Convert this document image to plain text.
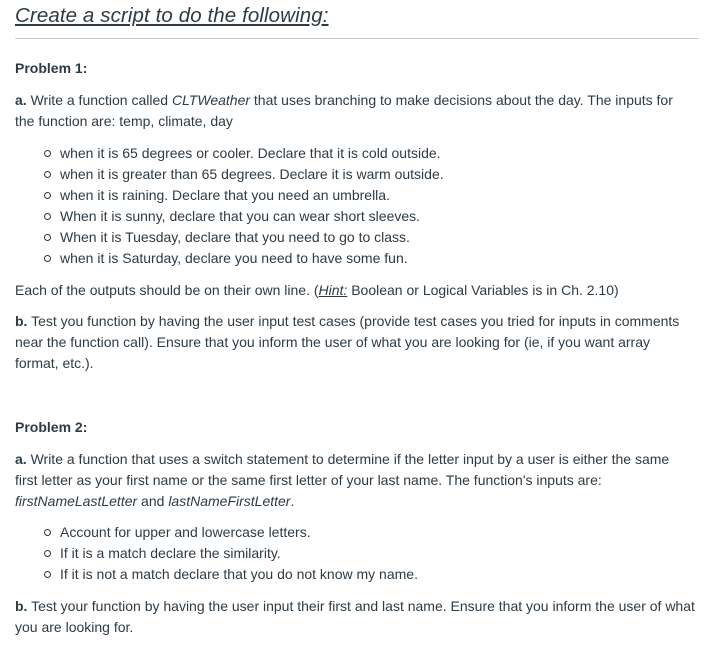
Create a script to do the following:
Problem 1:
a. Write a function called CLTWeather that uses branching to make decisions about the day. The inputs for the function are: temp, climate, day
when it is 65 degrees or cooler. Declare that it is cold outside.
when it is greater than 65 degrees. Declare it is warm outside.
when it is raining. Declare that you need an umbrella.
When it is sunny, declare that you can wear short sleeves.
When it is Tuesday, declare that you need to go to class.
when it is Saturday, declare you need to have some fun.
Each of the outputs should be on their own line. (Hint: Boolean or Logical Variables is in Ch. 2.10)
b. Test you function by having the user input test cases (provide test cases you tried for inputs in comments near the function call). Ensure that you inform the user of what you are looking for (ie, if you want array format, etc.).
Problem 2:
a. Write a function that uses a switch statement to determine if the letter input by a user is either the same first letter as your first name or the same first letter of your last name. The function's inputs are: firstNameLastLetter and lastNameFirstLetter.
Account for upper and lowercase letters.
If it is a match declare the similarity.
If it is not a match declare that you do not know my name.
b. Test your function by having the user input their first and last name. Ensure that you inform the user of what you are looking for.
